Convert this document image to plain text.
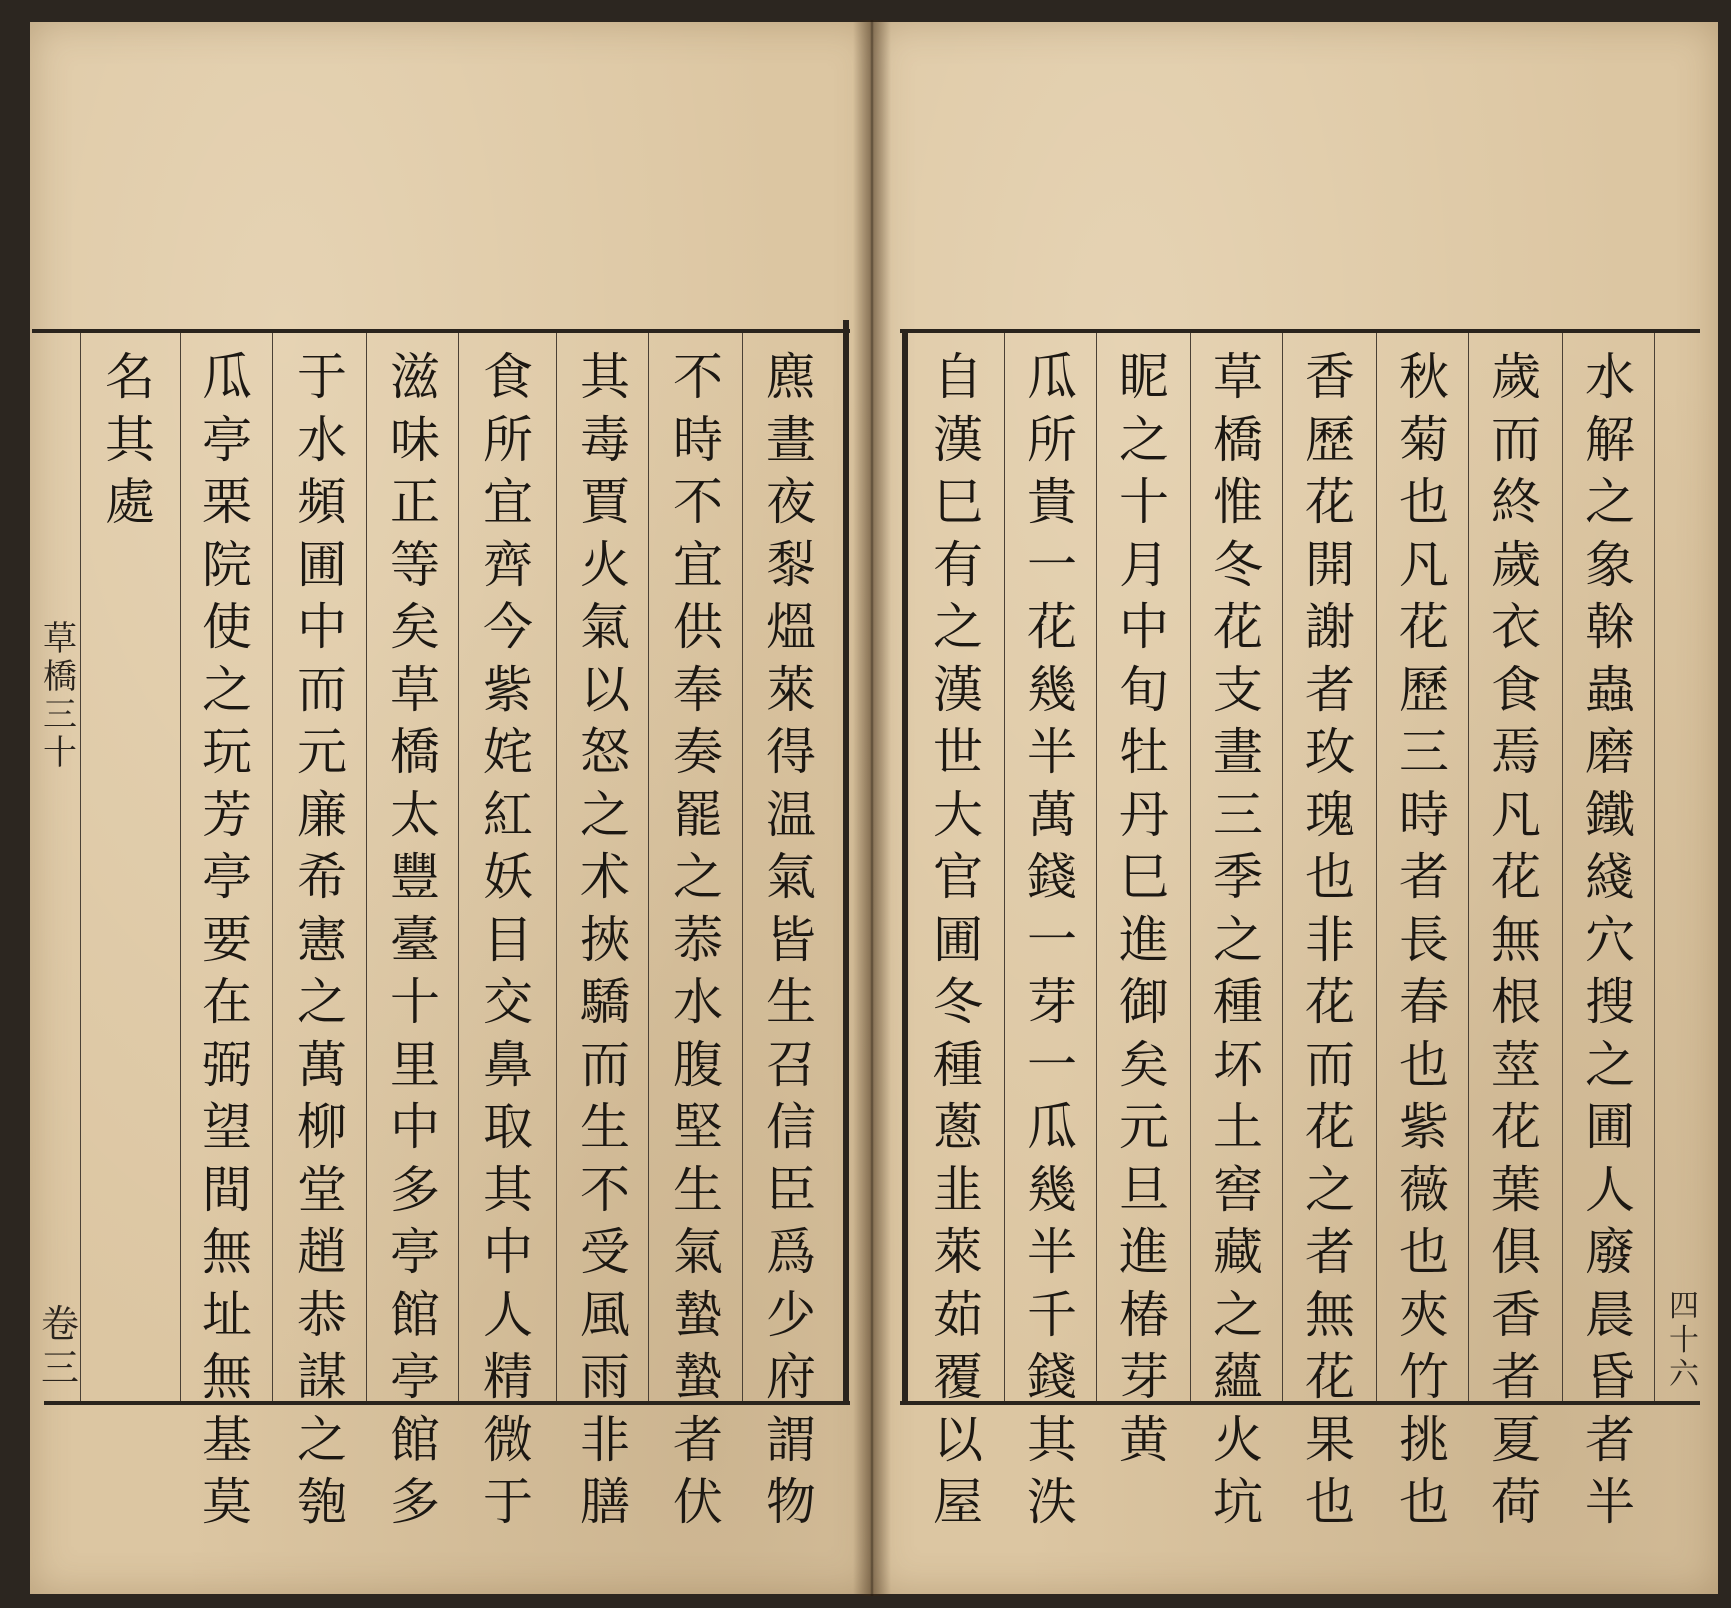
麃晝夜𪏭熅萊得温氣皆生召信臣爲少府謂物
不時不宜供奉奏罷之菾水腹堅生氣蟄蟄者伏
其毒賈火氣以怒之术挾驕而生不受風雨非膳
食所宜齊今紫姹紅妖目交鼻取其中人精微于
滋味正等矣草橋太豐臺十里中多亭館亭館多
于水頻圃中而元廉希憲之萬柳堂趙恭謀之匏
瓜亭栗院使之玩芳亭要在弼望間無址無基莫
名其處
草橋三十
卷三
水解之象榦蟲磨鐵綫穴搜之圃人廢晨昏者半
歲而終歲衣食焉凡花無根莖花葉俱香者夏荷
秋菊也凡花歷三時者長春也紫薇也夾竹挑也
香歷花開謝者玫瑰也非花而花之者無花果也
草橋惟冬花支晝三季之種坏土窖藏之蘊火坑
眤之十月中旬牡丹巳進御矣元旦進椿芽黄
瓜所貴一花幾半萬錢一芽一瓜幾半千錢其泆
自漢巳有之漢世大官圃冬種蔥韭萊茹覆以屋
四十六
